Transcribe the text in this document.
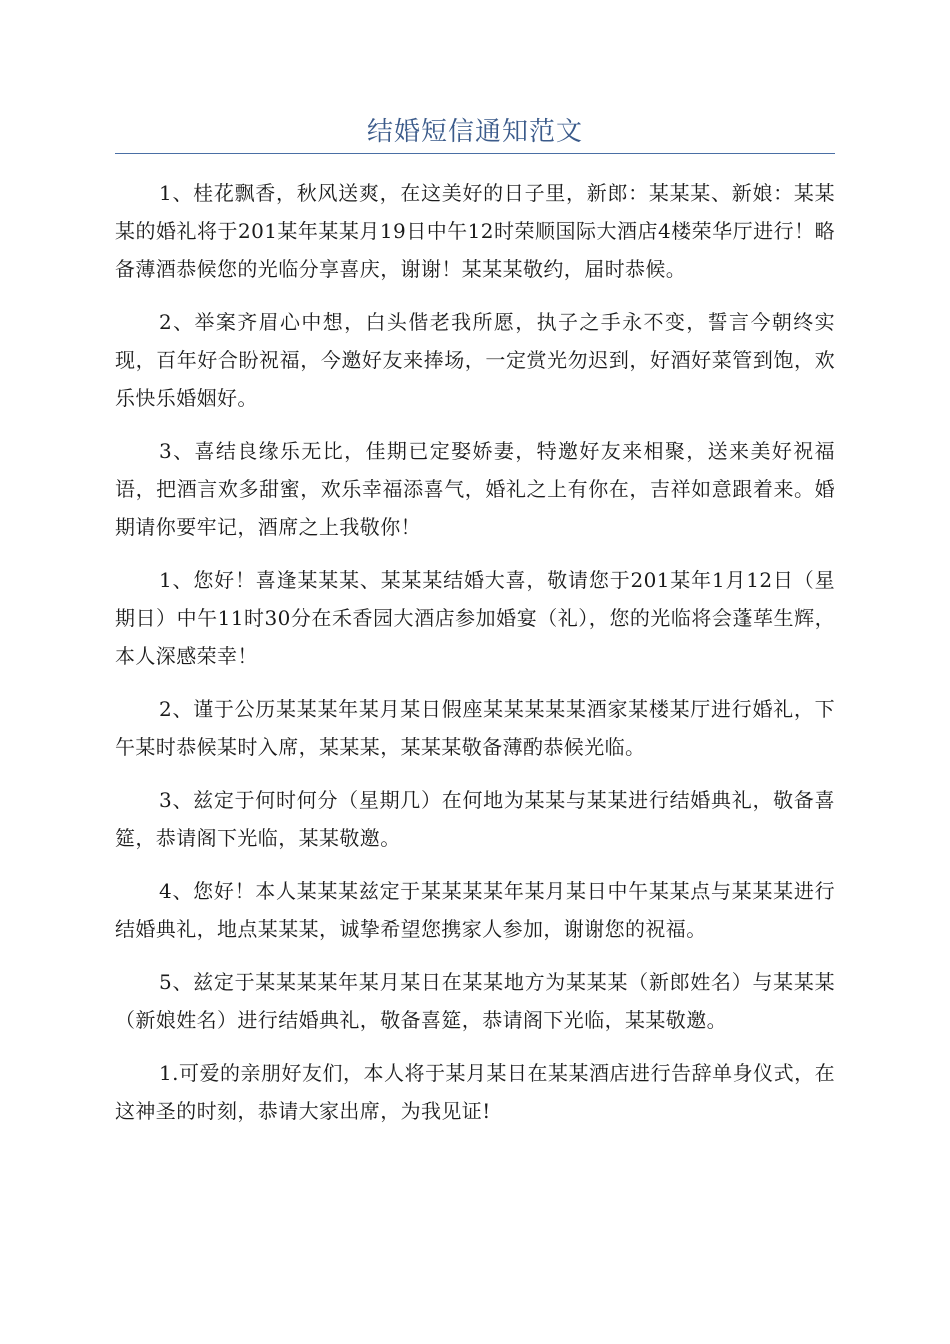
结婚短信通知范文

1、桂花飘香，秋风送爽，在这美好的日子里，新郎：某某某、新娘：某某某的婚礼将于201某年某某月19日中午12时荣顺国际大酒店4楼荣华厅进行！略备薄酒恭候您的光临分享喜庆，谢谢！某某某敬约，届时恭候。

2、举案齐眉心中想，白头偕老我所愿，执子之手永不变，誓言今朝终实现，百年好合盼祝福，今邀好友来捧场，一定赏光勿迟到，好酒好菜管到饱，欢乐快乐婚姻好。

3、喜结良缘乐无比，佳期已定娶娇妻，特邀好友来相聚，送来美好祝福语，把酒言欢多甜蜜，欢乐幸福添喜气，婚礼之上有你在，吉祥如意跟着来。婚期请你要牢记，酒席之上我敬你！

1、您好！喜逢某某某、某某某结婚大喜，敬请您于201某年1月12日（星期日）中午11时30分在禾香园大酒店参加婚宴（礼），您的光临将会蓬荜生辉，本人深感荣幸！

2、谨于公历某某某年某月某日假座某某某某某酒家某楼某厅进行婚礼，下午某时恭候某时入席，某某某，某某某敬备薄酌恭候光临。

3、兹定于何时何分（星期几）在何地为某某与某某进行结婚典礼，敬备喜筵，恭请阁下光临，某某敬邀。

4、您好！本人某某某兹定于某某某某年某月某日中午某某点与某某某进行结婚典礼，地点某某某，诚挚希望您携家人参加，谢谢您的祝福。

5、兹定于某某某某年某月某日在某某地方为某某某（新郎姓名）与某某某（新娘姓名）进行结婚典礼，敬备喜筵，恭请阁下光临，某某敬邀。

1.可爱的亲朋好友们，本人将于某月某日在某某酒店进行告辞单身仪式，在这神圣的时刻，恭请大家出席，为我见证!
